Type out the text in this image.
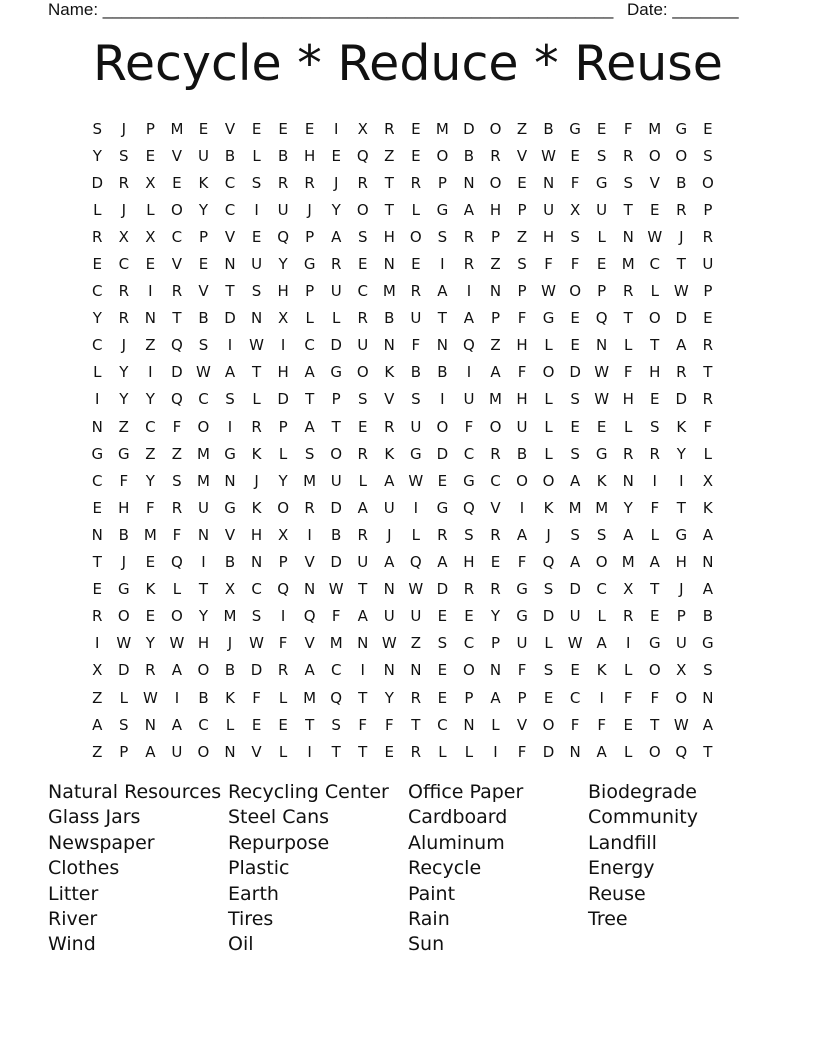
Name: ______________________________________________________ Date: _______
Recycle * Reduce * Reuse
S	J	P	M	E	V	E	E	E	I	X	R	E	M D O	Z	B	G	E	F	M G	E
Y	S	E	V	U	B	L	B	H	E	Q	Z	E	O	B	R	V W E	S	R	O O	S
D	R	X	E	K	C	S	R	R	J	R	T	R	P	N	O	E	N	F	G	S	V	B	O
L	J	L	O	Y	C	I	U	J	Y	O	T	L	G	A	H	P	U	X	U	T	E	R	P
R	X	X	C	P	V	E	Q	P	A	S	H	O	S	R	P	Z	H	S	L	N W	J	R
E	C	E	V	E	N	U	Y	G	R	E	N	E	I	R	Z	S	F	F	E	M C	T	U
C	R	I	R	V	T	S	H	P	U	C M R	A	I	N	P W O	P	R	L W P
Y	R	N	T	B	D	N	X	L	L	R	B	U	T	A	P	F	G	E	Q	T	O D	E
C	J	Z	Q	S	I	W	I	C	D	U	N	F	N	Q	Z	H	L	E	N	L	T	A	R
L	Y	I	D W A	T	H	A	G O	K	B	B	I	A	F	O D W F	H	R	T
I	Y	Y	Q	C	S	L	D	T	P	S	V	S	I	U M H	L	S W H	E	D	R
N	Z	C	F	O	I	R	P	A	T	E	R	U	O	F	O	U	L	E	E	L	S	K	F
G G	Z	Z M G	K	L	S	O	R	K	G D	C	R	B	L	S	G	R	R	Y	L
C	F	Y	S	M N	J	Y	M U	L	A W E	G	C	O O	A	K	N	I	I	X
E	H	F	R	U	G	K	O	R	D	A	U	I	G Q	V	I	K	M M	Y	F	T	K
N	B M	F	N	V	H	X	I	B	R	J	L	R	S	R	A	J	S	S	A	L	G	A
T	J	E	Q	I	B	N	P	V	D	U	A	Q	A	H	E	F	Q	A	O M A	H	N
E	G	K	L	T	X	C	Q	N W T	N W D	R	R	G	S	D	C	X	T	J	A
R	O	E	O	Y	M	S	I	Q	F	A	U	U	E	E	Y	G D	U	L	R	E	P	B
I	W Y W H	J	W F	V M N W Z	S	C	P	U	L W A	I	G	U	G
X	D	R	A	O	B	D	R	A	C	I	N	N	E	O	N	F	S	E	K	L	O	X	S
Z	L W	I	B	K	F	L	M Q	T	Y	R	E	P	A	P	E	C	I	F	F	O	N
A	S	N	A	C	L	E	E	T	S	F	F	T	C	N	L	V	O	F	F	E	T W A
Z	P	A	U	O	N	V	L	I	T	T	E	R	L	L	I	F	D	N	A	L	O Q	T
Natural Resources
Glass Jars
Newspaper
Clothes
Litter
River
Wind
Recycling Center
Steel Cans
Repurpose
Plastic
Earth
Tires
Oil
Office Paper
Cardboard
Aluminum
Recycle
Paint
Rain
Sun
Biodegrade
Community
Landfill
Energy
Reuse
Tree
